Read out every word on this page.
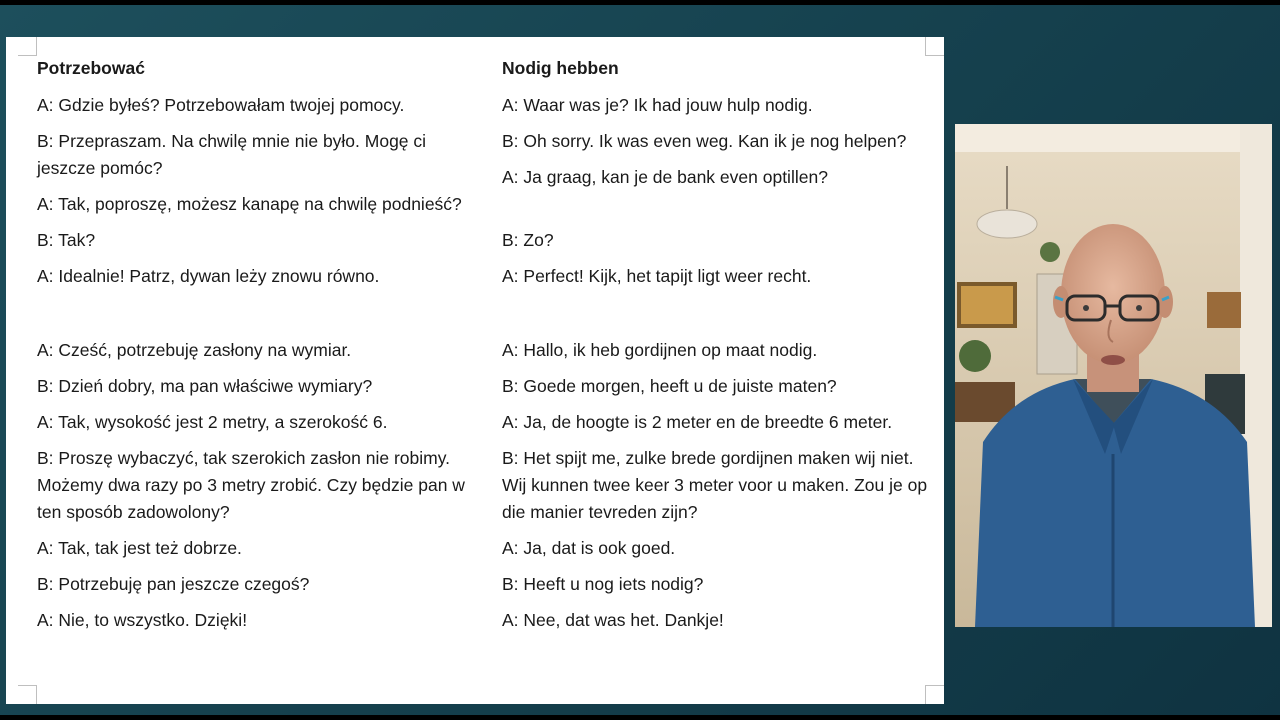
Potrzebować

A: Gdzie byłeś? Potrzebowałam twojej pomocy.

B: Przepraszam. Na chwilę mnie nie było. Mogę ci jeszcze pomóc?

A: Tak, poproszę, możesz kanapę na chwilę podnieść?

B: Tak?

A: Idealnie! Patrz, dywan leży znowu równo.

A: Cześć, potrzebuję zasłony na wymiar.

B: Dzień dobry, ma pan właściwe wymiary?

A: Tak, wysokość jest 2 metry, a szerokość 6.

B: Proszę wybaczyć, tak szerokich zasłon nie robimy. Możemy dwa razy po 3 metry zrobić. Czy będzie pan w ten sposób zadowolony?

A: Tak, tak jest też dobrze.

B: Potrzebuję pan jeszcze czegoś?

A: Nie, to wszystko. Dzięki!

Nodig hebben

A: Waar was je? Ik had jouw hulp nodig.

B: Oh sorry. Ik was even weg. Kan ik je nog helpen?

A: Ja graag, kan je de bank even optillen?

B: Zo?

A: Perfect! Kijk, het tapijt ligt weer recht.

A: Hallo, ik heb gordijnen op maat nodig.

B: Goede morgen, heeft u de juiste maten?

A: Ja, de hoogte is 2 meter en de breedte 6 meter.

B: Het spijt me, zulke brede gordijnen maken wij niet. Wij kunnen twee keer 3 meter voor u maken. Zou je op die manier tevreden zijn?

A: Ja, dat is ook goed.

B: Heeft u nog iets nodig?

A: Nee, dat was het. Dankje!
